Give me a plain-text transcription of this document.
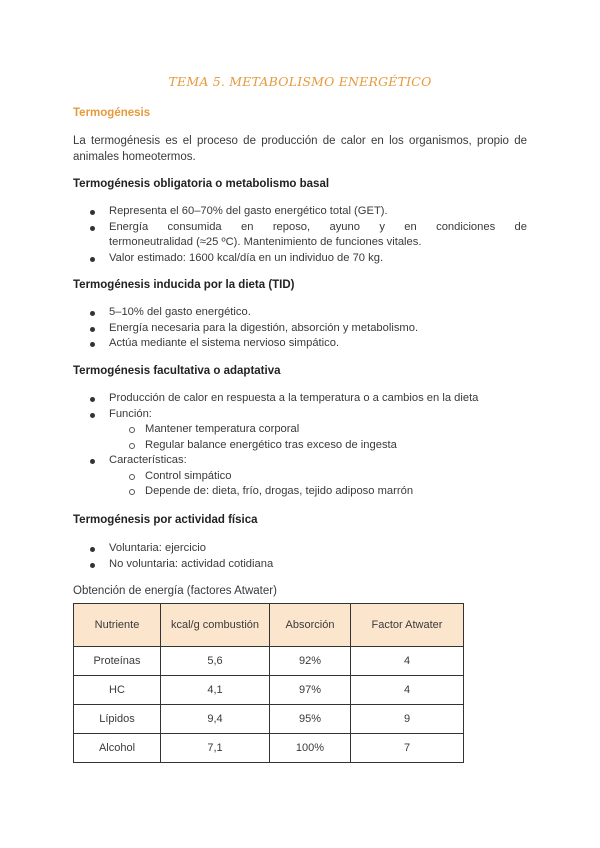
TEMA 5. METABOLISMO ENERGÉTICO
Termogénesis
La termogénesis es el proceso de producción de calor en los organismos, propio de animales homeotermos.
Termogénesis obligatoria o metabolismo basal
Representa el 60–70% del gasto energético total (GET).
Energía consumida en reposo, ayuno y en condiciones de
termoneutralidad (≈25 ºC). Mantenimiento de funciones vitales.
Valor estimado: 1600 kcal/día en un individuo de 70 kg.
Termogénesis inducida por la dieta (TID)
5–10% del gasto energético.
Energía necesaria para la digestión, absorción y metabolismo.
Actúa mediante el sistema nervioso simpático.
Termogénesis facultativa o adaptativa
Producción de calor en respuesta a la temperatura o a cambios en la dieta
Función:
Mantener temperatura corporal
Regular balance energético tras exceso de ingesta
Características:
Control simpático
Depende de: dieta, frío, drogas, tejido adiposo marrón
Termogénesis por actividad física
Voluntaria: ejercicio
No voluntaria: actividad cotidiana
Obtención de energía (factores Atwater)
Nutriente	kcal/g combustión	Absorción	Factor Atwater
Proteínas	5,6	92%	4
HC	4,1	97%	4
Lípidos	9,4	95%	9
Alcohol	7,1	100%	7
